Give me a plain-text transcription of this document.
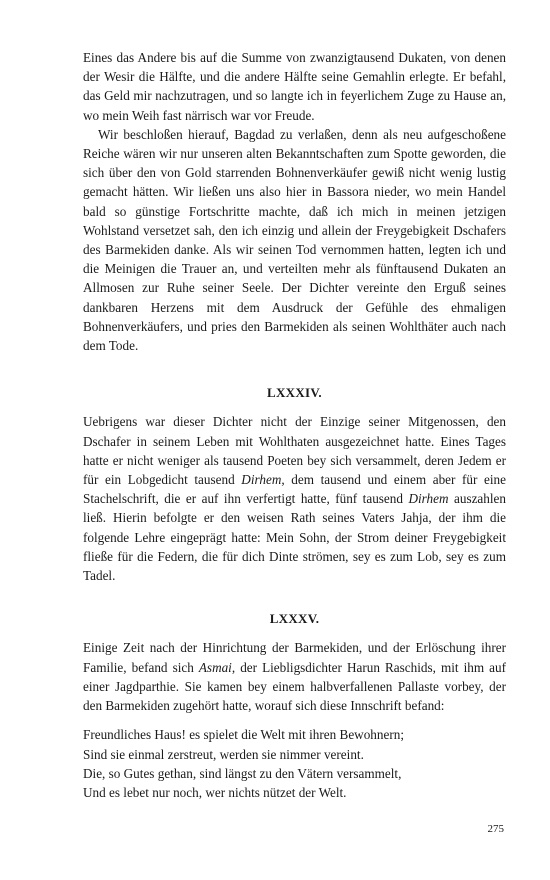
Eines das Andere bis auf die Summe von zwanzigtausend Dukaten, von denen der Wesir die Hälfte, und die andere Hälfte seine Gemahlin erlegte. Er befahl, das Geld mir nachzutragen, und so langte ich in feyerlichem Zuge zu Hause an, wo mein Weih fast närrisch war vor Freude.

Wir beschloßen hierauf, Bagdad zu verlaßen, denn als neu aufgeschoßene Reiche wären wir nur unseren alten Bekanntschaften zum Spotte geworden, die sich über den von Gold starrenden Bohnenverkäufer gewiß nicht wenig lustig gemacht hätten. Wir ließen uns also hier in Bassora nieder, wo mein Handel bald so günstige Fortschritte machte, daß ich mich in meinen jetzigen Wohlstand versetzet sah, den ich einzig und allein der Freygebigkeit Dschafers des Barmekiden danke. Als wir seinen Tod vernommen hatten, legten ich und die Meinigen die Trauer an, und verteilten mehr als fünftausend Dukaten an Allmosen zur Ruhe seiner Seele. Der Dichter vereinte den Erguß seines dankbaren Herzens mit dem Ausdruck der Gefühle des ehmaligen Bohnenverkäufers, und pries den Barmekiden als seinen Wohlthäter auch nach dem Tode.

LXXXIV.

Uebrigens war dieser Dichter nicht der Einzige seiner Mitgenossen, den Dschafer in seinem Leben mit Wohlthaten ausgezeichnet hatte. Eines Tages hatte er nicht weniger als tausend Poeten bey sich versammelt, deren Jedem er für ein Lobgedicht tausend Dirhem, dem tausend und einem aber für eine Stachelschrift, die er auf ihn verfertigt hatte, fünf tausend Dirhem auszahlen ließ. Hierin befolgte er den weisen Rath seines Vaters Jahja, der ihm die folgende Lehre eingeprägt hatte: Mein Sohn, der Strom deiner Freygebigkeit fließe für die Federn, die für dich Dinte strömen, sey es zum Lob, sey es zum Tadel.

LXXXV.

Einige Zeit nach der Hinrichtung der Barmekiden, und der Erlöschung ihrer Familie, befand sich Asmai, der Liebligsdichter Harun Raschids, mit ihm auf einer Jagdparthie. Sie kamen bey einem halbverfallenen Pallaste vorbey, der den Barmekiden zugehört hatte, worauf sich diese Innschrift befand:

Freundliches Haus! es spielet die Welt mit ihren Bewohnern;
Sind sie einmal zerstreut, werden sie nimmer vereint.
Die, so Gutes gethan, sind längst zu den Vätern versammelt,
Und es lebet nur noch, wer nichts nützet der Welt.
275
